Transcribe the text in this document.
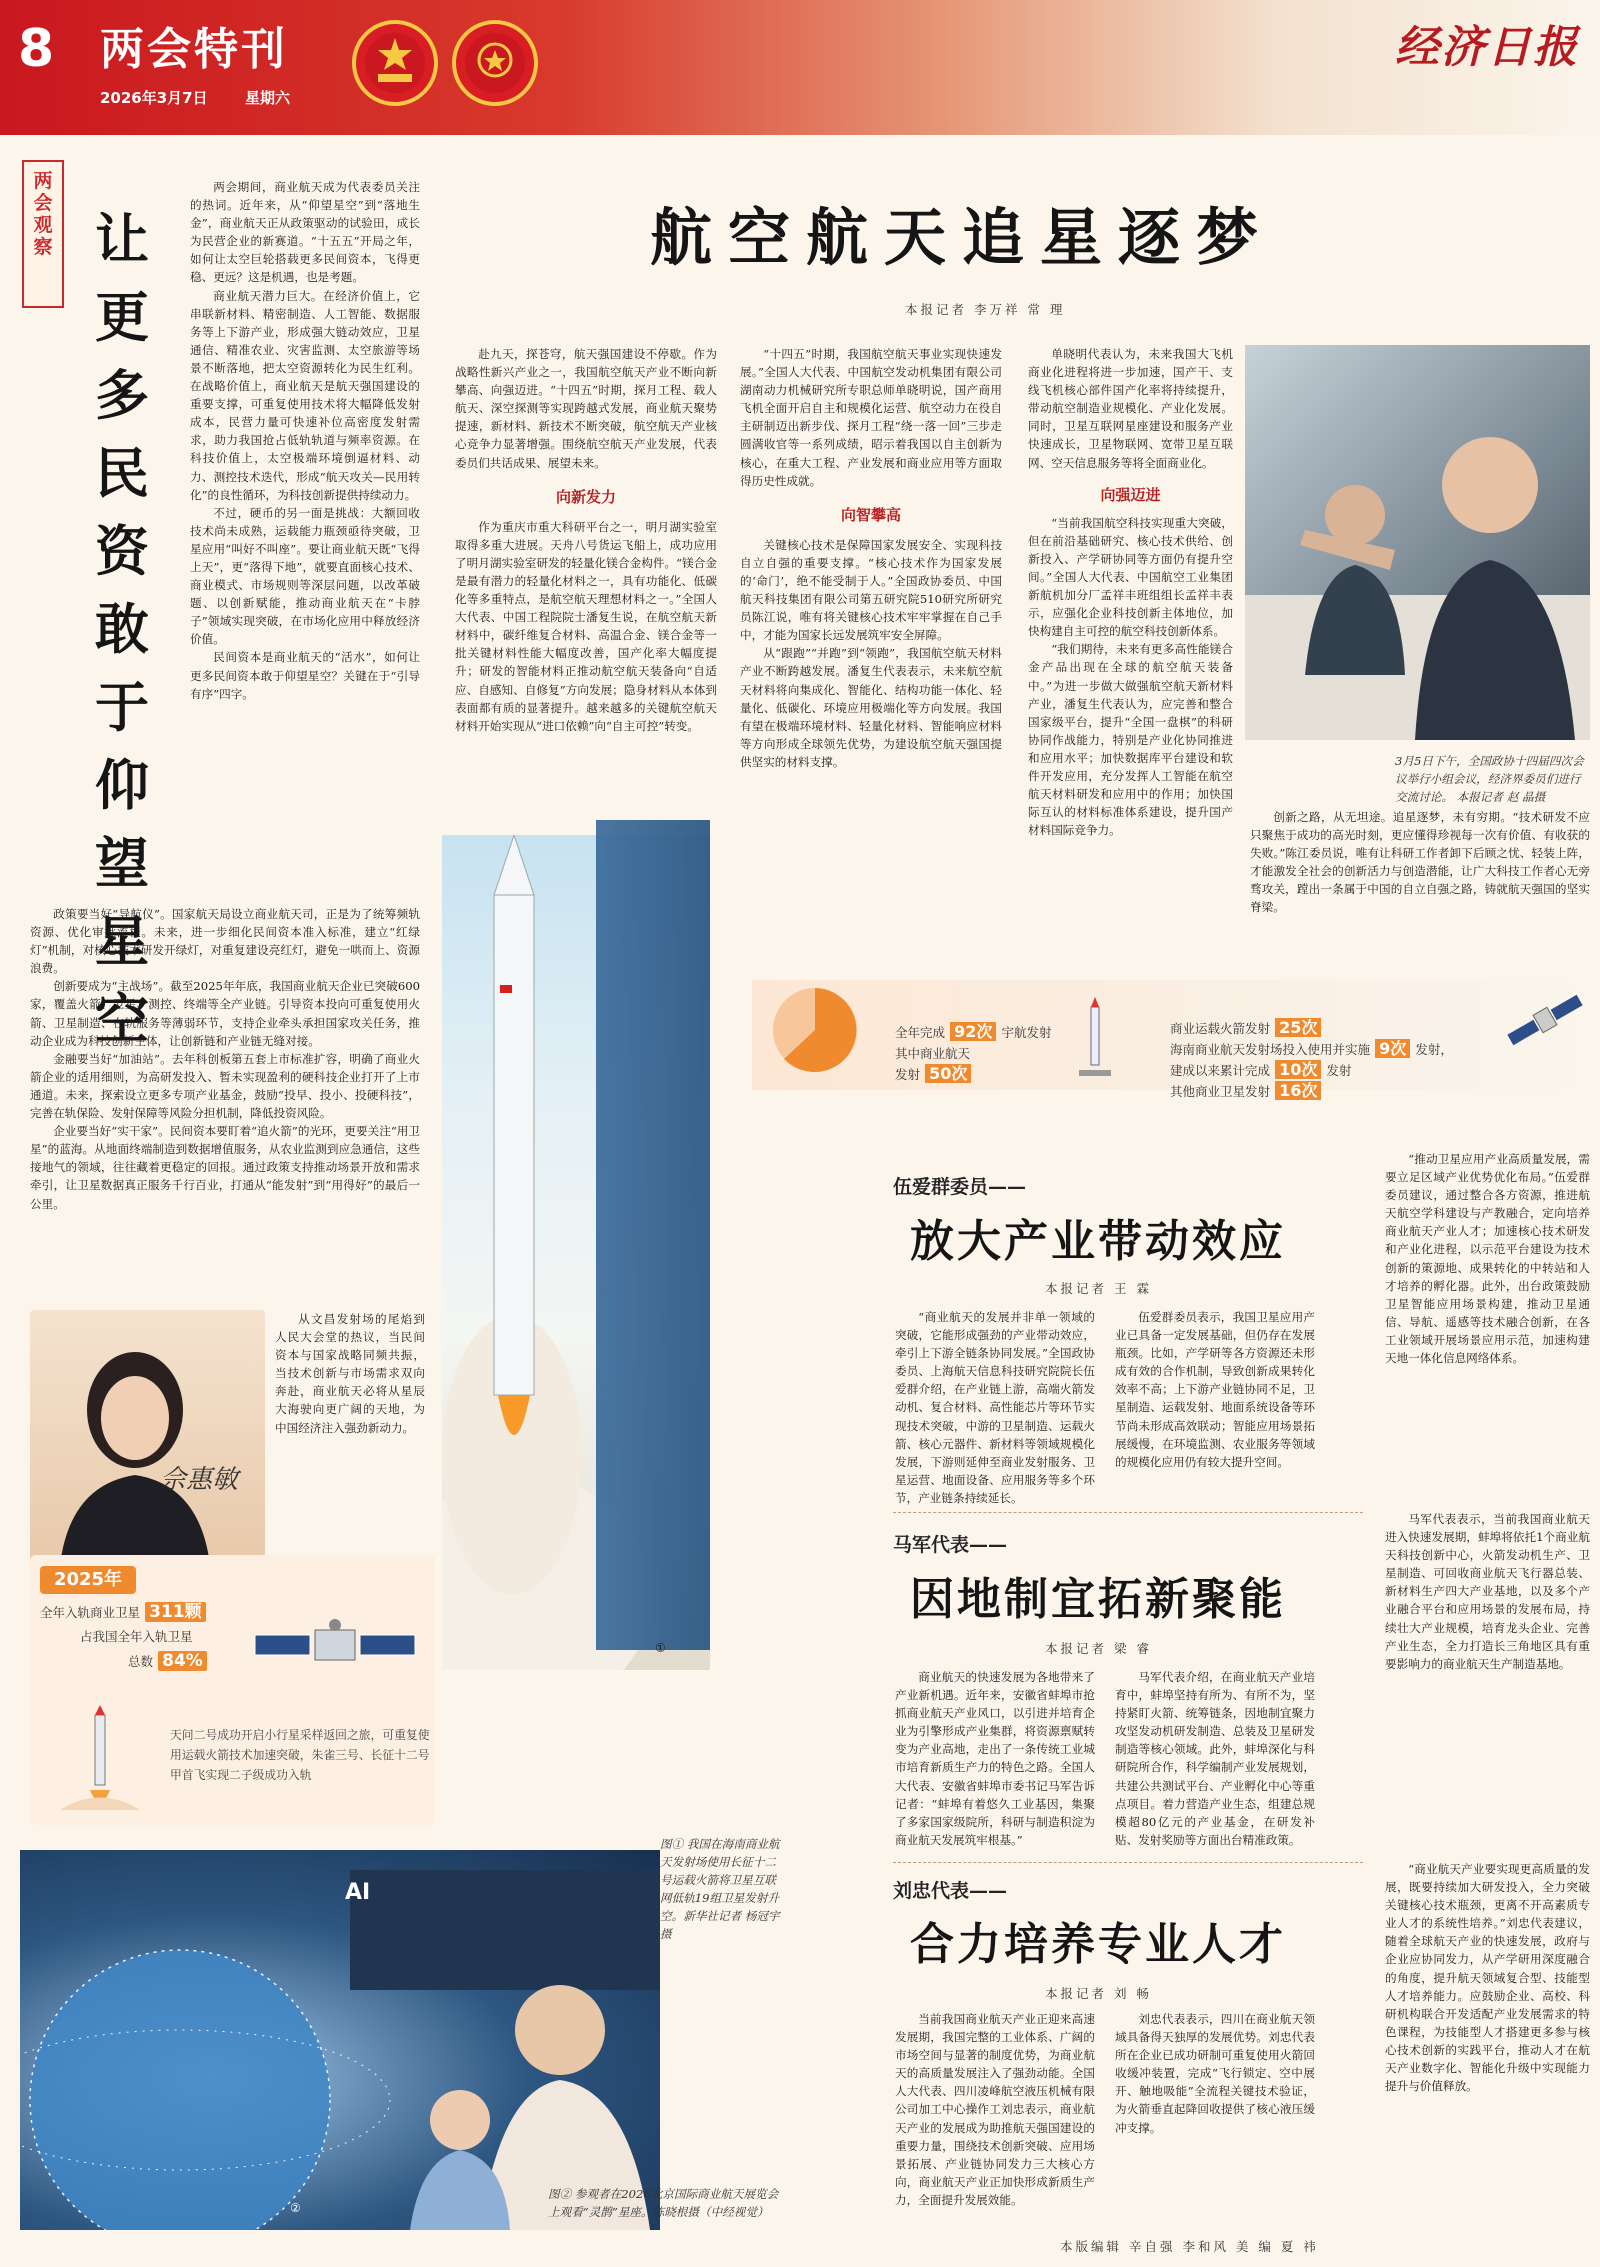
8	两会特刊
2026年3月7日 星期六
经济日报
两会观察 让更多民资敢于仰望星空

两会期间，商业航天成为代表委员关注的热词。近年来，从“仰望星空”到“落地生金”，商业航天正从政策驱动的试验田，成长为民营企业的新赛道。“十五五”开局之年，如何让太空巨轮搭载更多民间资本，飞得更稳、更远？这是机遇，也是考题。

商业航天潜力巨大。在经济价值上，它串联新材料、精密制造、人工智能、数据服务等上下游产业，形成强大链动效应，卫星通信、精准农业、灾害监测、太空旅游等场景不断落地，把太空资源转化为民生红利。在战略价值上，商业航天是航天强国建设的重要支撑，可重复使用技术将大幅降低发射成本，民营力量可快速补位高密度发射需求，助力我国抢占低轨轨道与频率资源。在科技价值上，太空极端环境倒逼材料、动力、测控技术迭代，形成“航天攻关—民用转化”的良性循环，为科技创新提供持续动力。

不过，硬币的另一面是挑战：大额回收技术尚未成熟，运载能力瓶颈亟待突破，卫星应用“叫好不叫座”。要让商业航天既“飞得上天”，更“落得下地”，就要直面核心技术、商业模式、市场规则等深层问题，以改革破题、以创新赋能，推动商业航天在“卡脖子”领域实现突破，在市场化应用中释放经济价值。

民间资本是商业航天的“活水”，如何让更多民间资本敢于仰望星空？关键在于“引导有序”四字。

政策要当好“导航仪”。国家航天局设立商业航天司，正是为了统筹频轨资源、优化审批流程。未来，进一步细化民间资本准入标准，建立“红绿灯”机制，对核心技术研发开绿灯，对重复建设亮红灯，避免一哄而上、资源浪费。

创新要成为“主战场”。截至2025年年底，我国商业航天企业已突破600家，覆盖火箭、卫星、测控、终端等全产业链。引导资本投向可重复使用火箭、卫星制造、在轨服务等薄弱环节，支持企业牵头承担国家攻关任务，推动企业成为科技创新主体，让创新链和产业链无缝对接。

金融要当好“加油站”。去年科创板第五套上市标准扩容，明确了商业火箭企业的适用细则，为高研发投入、暂未实现盈利的硬科技企业打开了上市通道。未来，探索设立更多专项产业基金，鼓励“投早、投小、投硬科技”，完善在轨保险、发射保障等风险分担机制，降低投资风险。

企业要当好“实干家”。民间资本要盯着“追火箭”的光环，更要关注“用卫星”的蓝海。从地面终端制造到数据增值服务，从农业监测到应急通信，这些接地气的领域，往往藏着更稳定的回报。通过政策支持推动场景开放和需求牵引，让卫星数据真正服务千行百业，打通从“能发射”到“用得好”的最后一公里。

佘惠敏

从文昌发射场的尾焰到人民大会堂的热议，当民间资本与国家战略同频共振，当技术创新与市场需求双向奔赴，商业航天必将从星辰大海驶向更广阔的天地，为中国经济注入强劲新动力。

2025年
全年入轨商业卫星 311颗
占我国全年入轨卫星
总数 84%
天问二号成功开启小行星采样返回之旅，可重复使用运载火箭技术加速突破，朱雀三号、长征十二号甲首飞实现二子级成功入轨
航空航天追星逐梦
本报记者 李万祥 常 理

赴九天，探苍穹，航天强国建设不停歇。作为战略性新兴产业之一，我国航空航天产业不断向新攀高、向强迈进。“十四五”时期，探月工程、载人航天、深空探测等实现跨越式发展，商业航天聚势提速，新材料、新技术不断突破，航空航天产业核心竞争力显著增强。围绕航空航天产业发展，代表委员们共话成果、展望未来。

向新发力

作为重庆市重大科研平台之一，明月湖实验室取得多重大进展。天舟八号货运飞船上，成功应用了明月湖实验室研发的轻量化镁合金构件。“镁合金是最有潜力的轻量化材料之一，具有功能化、低碳化等多重特点，是航空航天理想材料之一。”全国人大代表、中国工程院院士潘复生说，在航空航天新材料中，碳纤维复合材料、高温合金、镁合金等一批关键材料性能大幅度改善，国产化率大幅度提升；研发的智能材料正推动航空航天装备向“自适应、自感知、自修复”方向发展；隐身材料从本体到表面都有质的显著提升。越来越多的关键航空航天材料开始实现从“进口依赖”向“自主可控”转变。

“十四五”时期，我国航空航天事业实现快速发展。”全国人大代表、中国航空发动机集团有限公司湖南动力机械研究所专职总师单晓明说，国产商用飞机全面开启自主和规模化运营、航空动力在役自主研制迈出新步伐、探月工程“绕一落一回”三步走圆满收官等一系列成绩，昭示着我国以自主创新为核心，在重大工程、产业发展和商业应用等方面取得历史性成就。

向智攀高

关键核心技术是保障国家发展安全、实现科技自立自强的重要支撑。“核心技术作为国家发展的‘命门’，绝不能受制于人。”全国政协委员、中国航天科技集团有限公司第五研究院510研究所研究员陈江说，唯有将关键核心技术牢牢掌握在自己手中，才能为国家长远发展筑牢安全屏障。

从“跟跑”“并跑”到“领跑”，我国航空航天材料产业不断跨越发展。潘复生代表表示，未来航空航天材料将向集成化、智能化、结构功能一体化、轻量化、低碳化、环境应用极端化等方向发展。我国有望在极端环境材料、轻量化材料、智能响应材料等方向形成全球领先优势，为建设航空航天强国提供坚实的材料支撑。

单晓明代表认为，未来我国大飞机商业化进程将进一步加速，国产干、支线飞机核心部件国产化率将持续提升，带动航空制造业规模化、产业化发展。同时，卫星互联网星座建设和服务产业快速成长，卫星物联网、宽带卫星互联网、空天信息服务等将全面商业化。

向强迈进

“当前我国航空科技实现重大突破，但在前沿基础研究、核心技术供给、创新投入、产学研协同等方面仍有提升空间。”全国人大代表、中国航空工业集团新航机加分厂孟祥丰班组组长孟祥丰表示，应强化企业科技创新主体地位，加快构建自主可控的航空科技创新体系。

“我们期待，未来有更多高性能镁合金产品出现在全球的航空航天装备中。”为进一步做大做强航空航天新材料产业，潘复生代表认为，应完善和整合国家级平台，提升“全国一盘棋”的科研协同作战能力，特别是产业化协同推进和应用水平；加快数据库平台建设和软件开发应用，充分发挥人工智能在航空航天材料研发和应用中的作用；加快国际互认的材料标准体系建设，提升国产材料国际竞争力。

创新之路，从无坦途。追星逐梦，未有穷期。“技术研发不应只聚焦于成功的高光时刻，更应懂得珍视每一次有价值、有收获的失败。”陈江委员说，唯有让科研工作者卸下后顾之忧、轻装上阵，才能激发全社会的创新活力与创造潜能，让广大科技工作者心无旁骛攻关，蹚出一条属于中国的自立自强之路，铸就航天强国的坚实脊梁。

3月5日下午，全国政协十四届四次会议举行小组会议，经济界委员们进行交流讨论。 本报记者 赵 晶摄
①
全年完成 92次 宇航发射
其中商业航天
发射 50次
商业运载火箭发射 25次
海南商业航天发射场投入使用并实施 9次 发射，
建成以来累计完成 10次 发射
其他商业卫星发射 16次
伍爱群委员——
放大产业带动效应
本报记者 王 霖

“商业航天的发展并非单一领域的突破，它能形成强劲的产业带动效应，牵引上下游全链条协同发展。”全国政协委员、上海航天信息科技研究院院长伍爱群介绍，在产业链上游，高端火箭发动机、复合材料、高性能芯片等环节实现技术突破，中游的卫星制造、运载火箭、核心元器件、新材料等领域规模化发展，下游则延伸至商业发射服务、卫星运营、地面设备、应用服务等多个环节，产业链条持续延长。

伍爱群委员表示，我国卫星应用产业已具备一定发展基础，但仍存在发展瓶颈。比如，产学研等各方资源还未形成有效的合作机制，导致创新成果转化效率不高；上下游产业链协同不足，卫星制造、运载发射、地面系统设备等环节尚未形成高效联动；智能应用场景拓展缓慢，在环境监测、农业服务等领域的规模化应用仍有较大提升空间。

“推动卫星应用产业高质量发展，需要立足区域产业优势优化布局。”伍爱群委员建议，通过整合各方资源，推进航天航空学科建设与产教融合，定向培养商业航天产业人才；加速核心技术研发和产业化进程，以示范平台建设为技术创新的策源地、成果转化的中转站和人才培养的孵化器。此外，出台政策鼓励卫星智能应用场景构建，推动卫星通信、导航、遥感等技术融合创新，在各工业领域开展场景应用示范，加速构建天地一体化信息网络体系。

马军代表——
因地制宜拓新聚能
本报记者 梁 睿

商业航天的快速发展为各地带来了产业新机遇。近年来，安徽省蚌埠市抢抓商业航天产业风口，以引进并培育企业为引擎形成产业集群，将资源禀赋转变为产业高地，走出了一条传统工业城市培育新质生产力的特色之路。全国人大代表、安徽省蚌埠市委书记马军告诉记者：“蚌埠有着悠久工业基因，集聚了多家国家级院所，科研与制造积淀为商业航天发展筑牢根基。”

马军代表介绍，在商业航天产业培育中，蚌埠坚持有所为、有所不为，坚持紧盯火箭、统筹链条，因地制宜聚力攻坚发动机研发制造、总装及卫星研发制造等核心领域。此外，蚌埠深化与科研院所合作，科学编制产业发展规划，共建公共测试平台、产业孵化中心等重点项目。着力营造产业生态，组建总规模超80亿元的产业基金，在研发补贴、发射奖励等方面出台精准政策。

马军代表表示，当前我国商业航天进入快速发展期，蚌埠将依托1个商业航天科技创新中心，火箭发动机生产、卫星制造、可回收商业航天飞行器总装、新材料生产四大产业基地，以及多个产业融合平台和应用场景的发展布局，持续壮大产业规模，培育龙头企业、完善产业生态，全力打造长三角地区具有重要影响力的商业航天生产制造基地。

刘忠代表——
合力培养专业人才
本报记者 刘 畅

当前我国商业航天产业正迎来高速发展期，我国完整的工业体系、广阔的市场空间与显著的制度优势，为商业航天的高质量发展注入了强劲动能。全国人大代表、四川凌峰航空液压机械有限公司加工中心操作工刘忠表示，商业航天产业的发展成为助推航天强国建设的重要力量，围绕技术创新突破、应用场景拓展、产业链协同发力三大核心方向，商业航天产业正加快形成新质生产力，全面提升发展效能。

刘忠代表表示，四川在商业航天领域具备得天独厚的发展优势。刘忠代表所在企业已成功研制可重复使用火箭回收缓冲装置，完成“飞行锁定、空中展开、触地吸能”全流程关键技术验证，为火箭垂直起降回收提供了核心液压缓冲支撑。

“商业航天产业要实现更高质量的发展，既要持续加大研发投入，全力突破关键核心技术瓶颈，更离不开高素质专业人才的系统性培养。”刘忠代表建议，随着全球航天产业的快速发展，政府与企业应协同发力，从产学研用深度融合的角度，提升航天领域复合型、技能型人才培养能力。应鼓励企业、高校、科研机构联合开发适配产业发展需求的特色课程，为技能型人才搭建更多参与核心技术创新的实践平台，推动人才在航天产业数字化、智能化升级中实现能力提升与价值释放。

AI
②
图① 我国在海南商业航天发射场使用长征十二号运载火箭将卫星互联网低轨19组卫星发射升空。新华社记者 杨冠宇摄
图② 参观者在2026北京国际商业航天展览会上观看“灵鹊”星座。陈晓根摄（中经视觉）
本版编辑 辛自强 李和风 美 编 夏 祎
